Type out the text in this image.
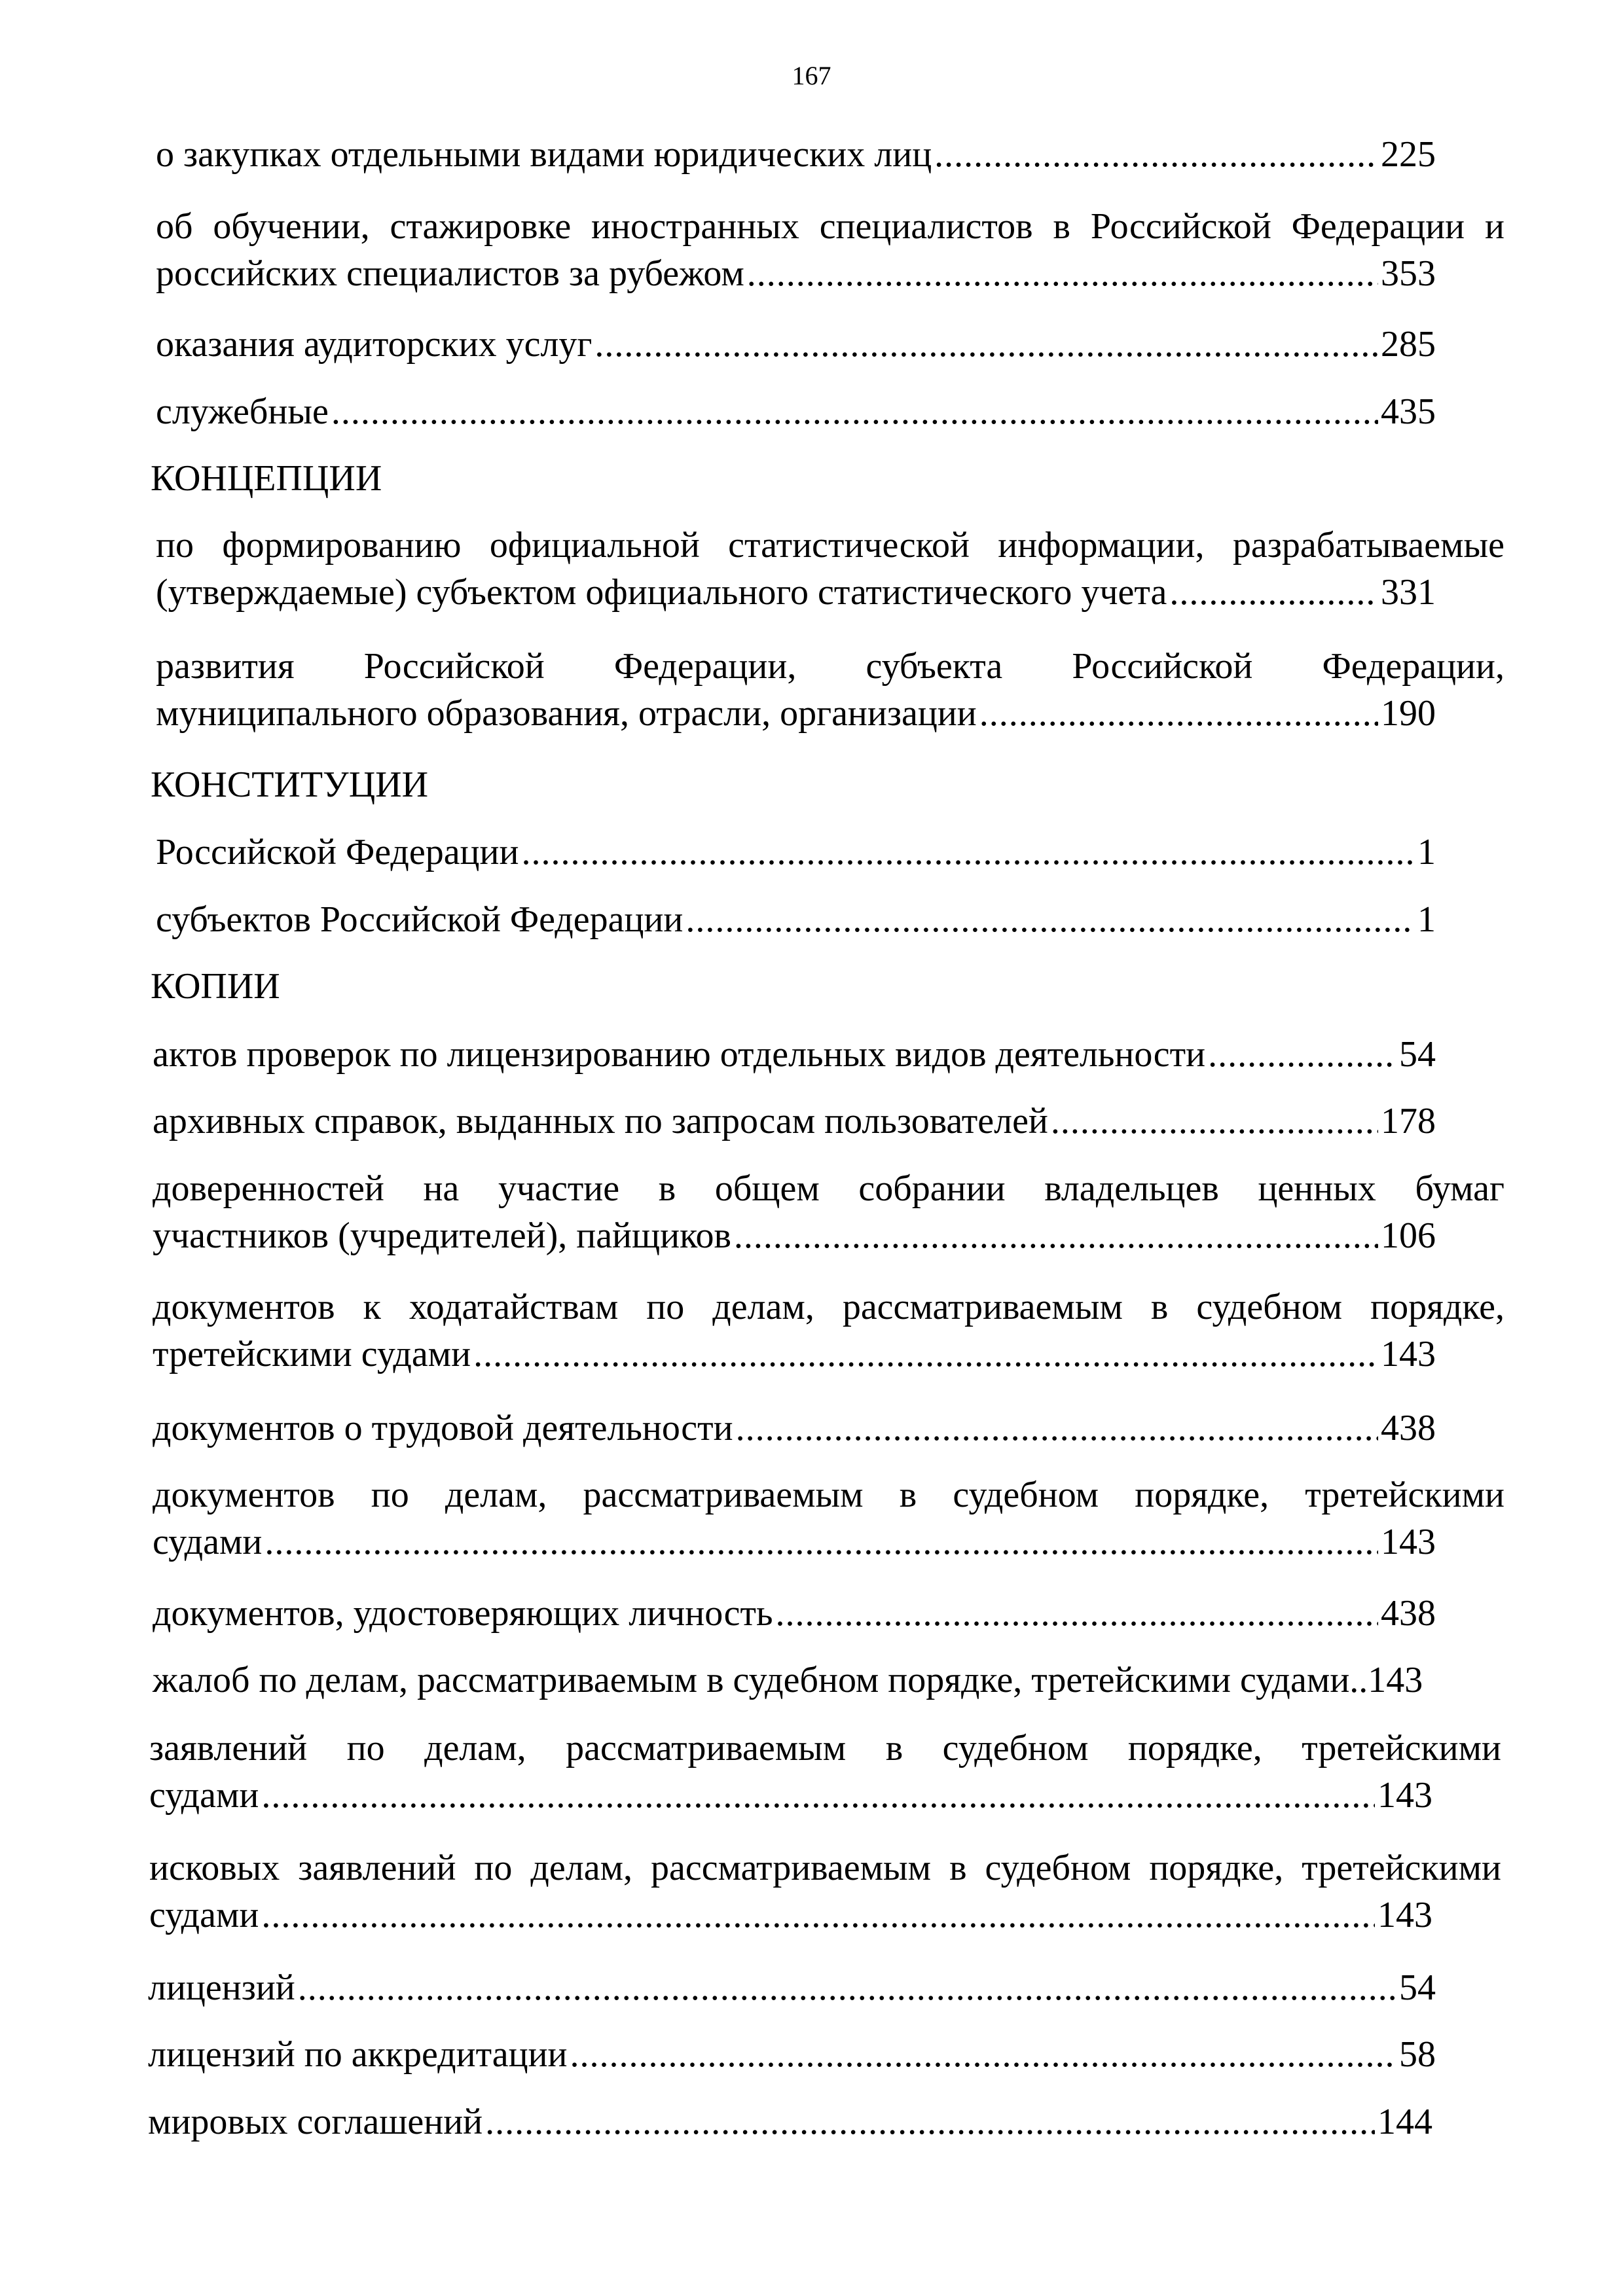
167
о закупках отдельными видами юридических лиц .....	225
об обучении, стажировке иностранных специалистов в Российской Федерации и
российских специалистов за рубежом .....	353
оказания аудиторских услуг .....	285
служебные .....	435
КОНЦЕПЦИИ
по формированию официальной статистической информации, разрабатываемые
(утверждаемые) субъектом официального статистического учета .....	331
развития Российской Федерации, субъекта Российской Федерации,
муниципального образования, отрасли, организации .....	190
КОНСТИТУЦИИ
Российской Федерации .....	1
субъектов Российской Федерации .....	1
КОПИИ
актов проверок по лицензированию отдельных видов деятельности .....	54
архивных справок, выданных по запросам пользователей .....	178
доверенностей на участие в общем собрании владельцев ценных бумаг
участников (учредителей), пайщиков .....	106
документов к ходатайствам по делам, рассматриваемым в судебном порядке,
третейскими судами .....	143
документов о трудовой деятельности .....	438
документов по делам, рассматриваемым в судебном порядке, третейскими
судами .....	143
документов, удостоверяющих личность .....	438
жалоб по делам, рассматриваемым в судебном порядке, третейскими судами..143
заявлений по делам, рассматриваемым в судебном порядке, третейскими
судами .....	143
исковых заявлений по делам, рассматриваемым в судебном порядке, третейскими
судами .....	143
лицензий .....	54
лицензий по аккредитации .....	58
мировых соглашений .....	144
